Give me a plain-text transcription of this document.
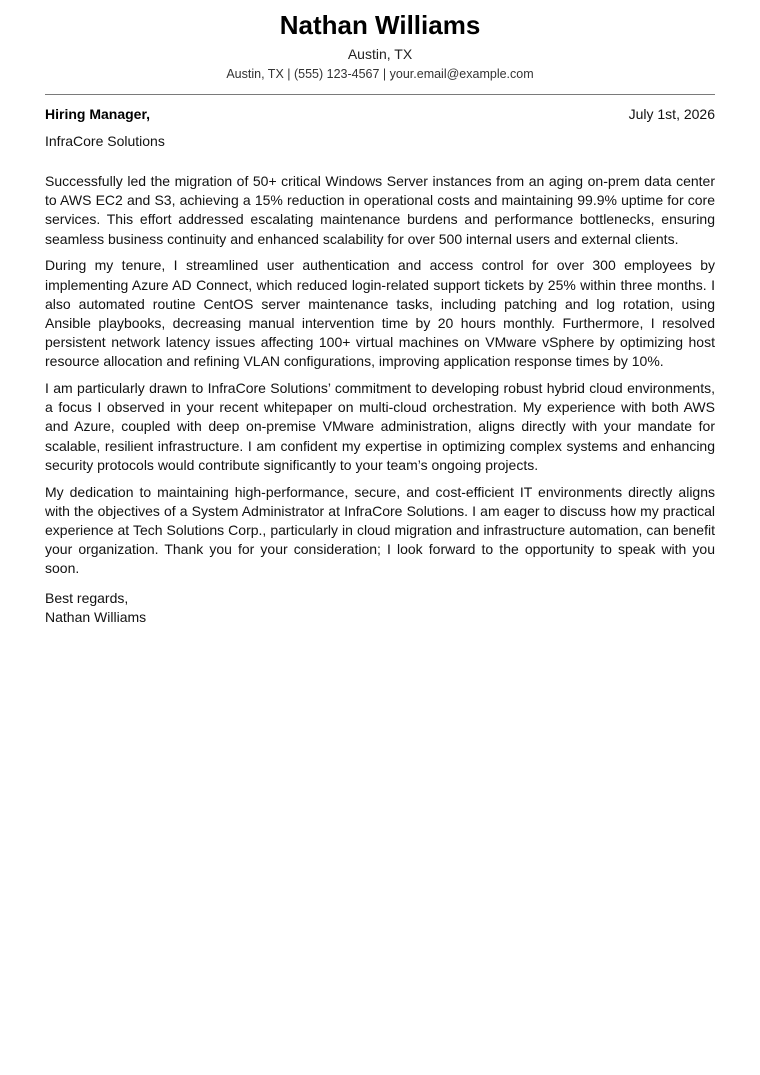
Nathan Williams
Austin, TX
Austin, TX | (555) 123-4567 | your.email@example.com
Hiring Manager,	July 1st, 2026
InfraCore Solutions

Successfully led the migration of 50+ critical Windows Server instances from an aging on-prem data center to AWS EC2 and S3, achieving a 15% reduction in operational costs and maintaining 99.9% uptime for core services. This effort addressed escalating maintenance burdens and performance bottlenecks, ensuring seamless business continuity and enhanced scalability for over 500 internal users and external clients.

During my tenure, I streamlined user authentication and access control for over 300 employees by implementing Azure AD Connect, which reduced login-related support tickets by 25% within three months. I also automated routine CentOS server maintenance tasks, including patching and log rotation, using Ansible playbooks, decreasing manual intervention time by 20 hours monthly. Furthermore, I resolved persistent network latency issues affecting 100+ virtual machines on VMware vSphere by optimizing host resource allocation and refining VLAN configurations, improving application response times by 10%.

I am particularly drawn to InfraCore Solutions’ commitment to developing robust hybrid cloud environments, a focus I observed in your recent whitepaper on multi-cloud orchestration. My experience with both AWS and Azure, coupled with deep on-premise VMware administration, aligns directly with your mandate for scalable, resilient infrastructure. I am confident my expertise in optimizing complex systems and enhancing security protocols would contribute significantly to your team’s ongoing projects.

My dedication to maintaining high-performance, secure, and cost-efficient IT environments directly aligns with the objectives of a System Administrator at InfraCore Solutions. I am eager to discuss how my practical experience at Tech Solutions Corp., particularly in cloud migration and infrastructure automation, can benefit your organization. Thank you for your consideration; I look forward to the opportunity to speak with you soon.

Best regards,
Nathan Williams
